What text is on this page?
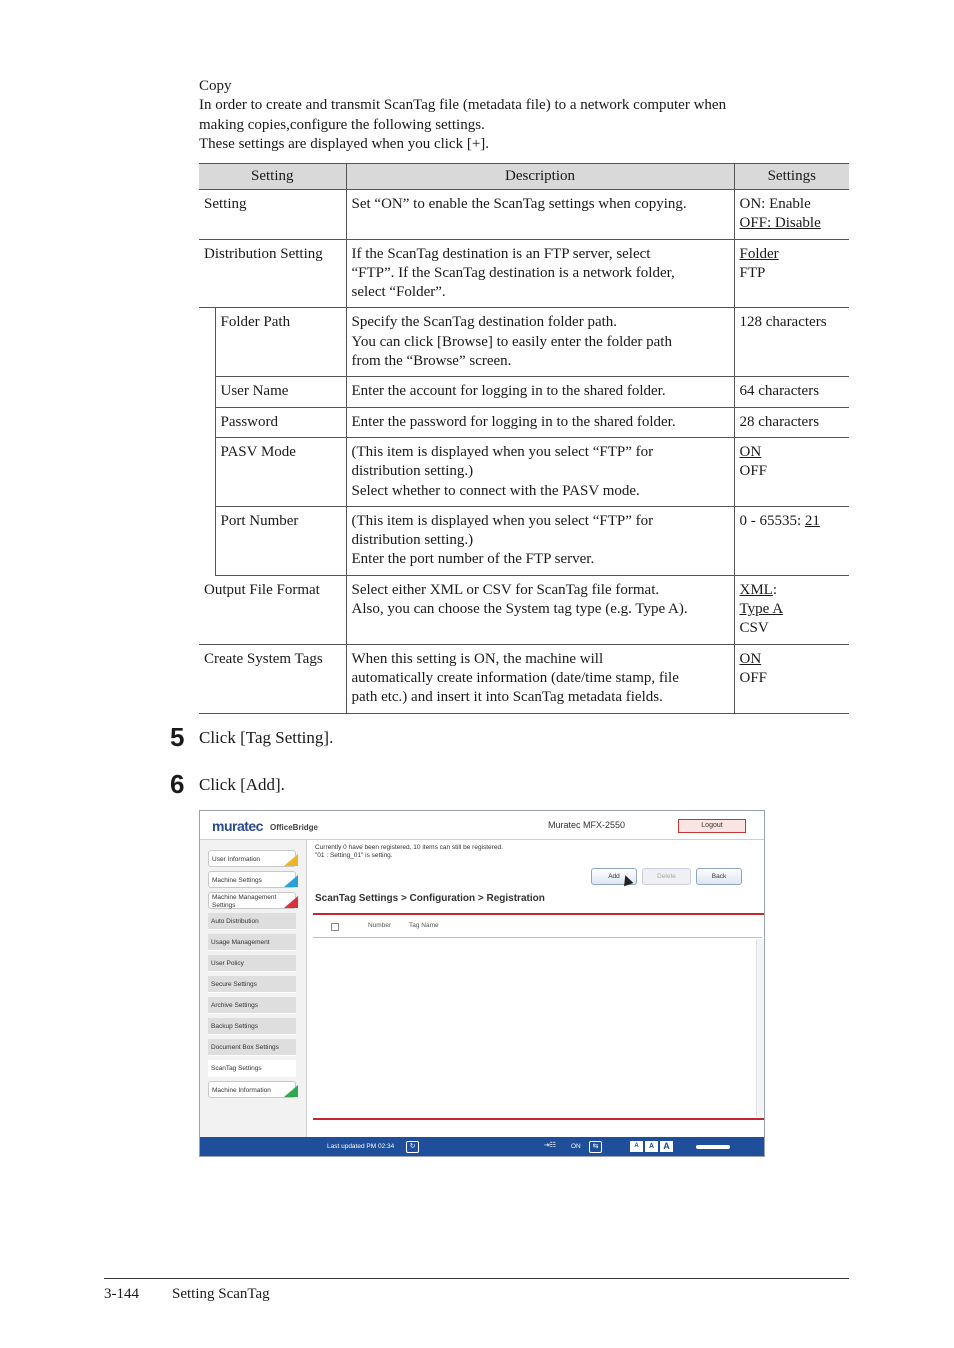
Copy
In order to create and transmit ScanTag file (metadata file) to a network computer when
making copies,configure the following settings.
These settings are displayed when you click [+].
Setting		Description	Settings
Setting		Set “ON” to enable the ScanTag settings when copying.	ON: Enable
OFF: Disable

Distribution Setting		If the ScanTag destination is an FTP server, select
“FTP”. If the ScanTag destination is a network folder,
select “Folder”.	Folder
FTP

	Folder Path	Specify the ScanTag destination folder path.
You can click [Browse] to easily enter the folder path
from the “Browse” screen.	128 characters

	User Name	Enter the account for logging in to the shared folder.	64 characters

	Password	Enter the password for logging in to the shared folder.	28 characters

	PASV Mode	(This item is displayed when you select “FTP” for
distribution setting.)
Select whether to connect with the PASV mode.	ON
OFF

	Port Number	(This item is displayed when you select “FTP” for
distribution setting.)
Enter the port number of the FTP server.	0 - 65535: 21

Output File Format		Select either XML or CSV for ScanTag file format.
Also, you can choose the System tag type (e.g. Type A).	XML:
Type A
CSV

Create System Tags		When this setting is ON, the machine will
automatically create information (date/time stamp, file
path etc.) and insert it into ScanTag metadata fields.	ON
OFF
5 Click [Tag Setting].
6 Click [Add].
muratec OfficeBridge	Muratec MFX-2550	Logout
User Information
Machine Settings
Machine Management Settings
Auto Distribution
Usage Management
User Policy
Secure Settings
Archive Settings
Backup Settings
Document Box Settings
ScanTag Settings
Machine Information
Currently 0 have been registered. 10 items can still be registered.
"01 : Setting_01" is setting.
Add	Delete	Back
ScanTag Settings > Configuration > Registration
Number	Tag Name
Last updated PM 02:34	↻	⇥☷	ON	⇆	A	A	A
3-144 Setting ScanTag
